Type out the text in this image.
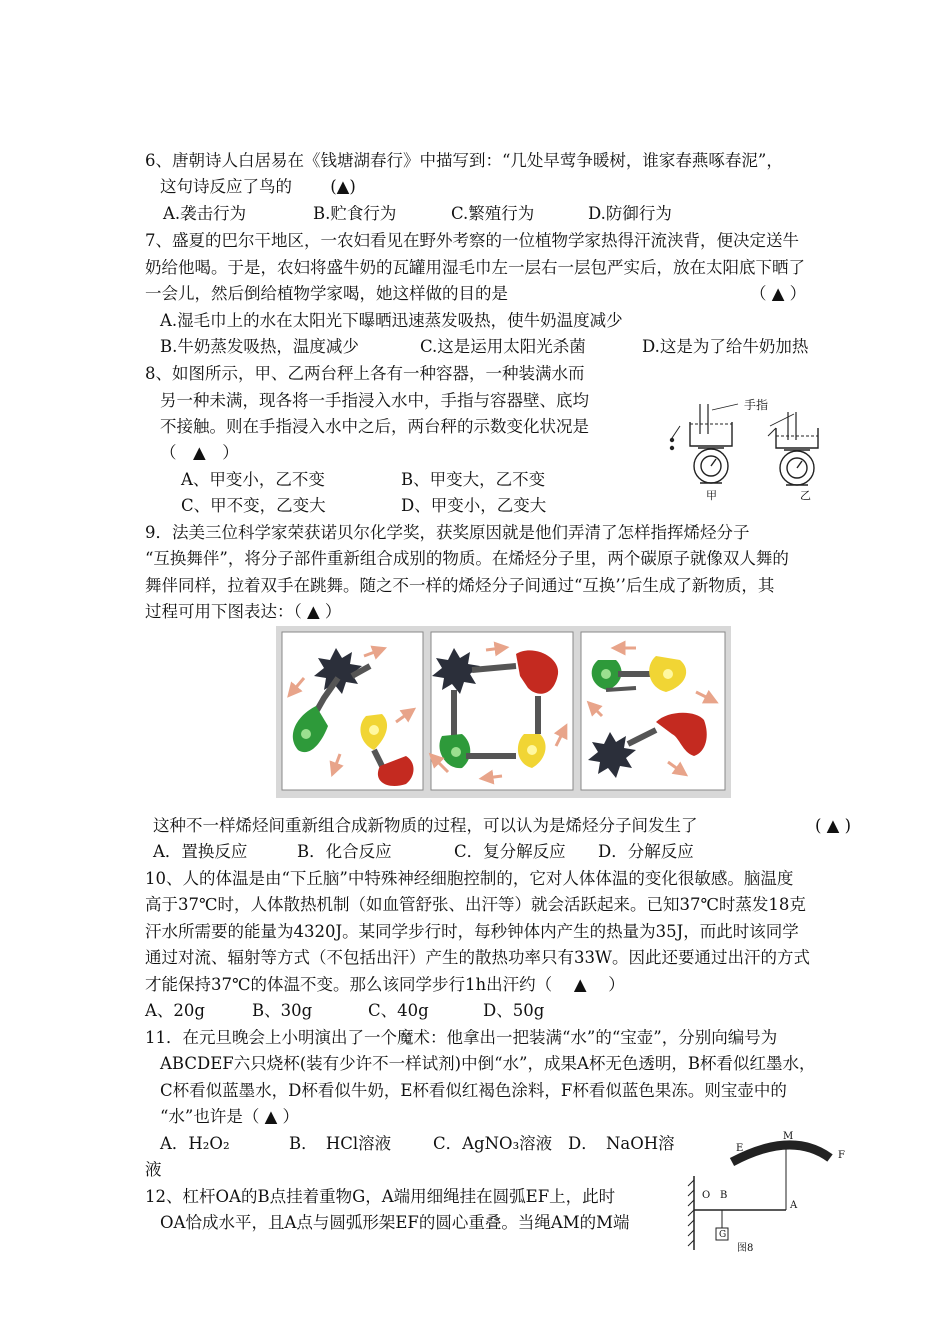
6、唐朝诗人白居易在《钱塘湖春行》中描写到：“几处早莺争暖树，谁家春燕啄春泥”，
这句诗反应了鸟的　　 (▲)
A.袭击行为	B.贮食行为	C.繁殖行为	D.防御行为
7、盛夏的巴尔干地区，一农妇看见在野外考察的一位植物学家热得汗流浃背，便决定送牛
奶给他喝。于是，农妇将盛牛奶的瓦罐用湿毛巾左一层右一层包严实后，放在太阳底下晒了
一会儿，然后倒给植物学家喝，她这样做的目的是	（ ▲ ）
A.湿毛巾上的水在太阳光下曝晒迅速蒸发吸热，使牛奶温度减少
B.牛奶蒸发吸热，温度减少	C.这是运用太阳光杀菌	D.这是为了给牛奶加热
8、如图所示，甲、乙两台秤上各有一种容器，一种装满水而
另一种未满，现各将一手指浸入水中，手指与容器壁、底均
不接触。则在手指浸入水中之后，两台秤的示数变化状况是
（　▲　）
A、甲变小，乙不变	B、甲变大，乙不变
C、甲不变，乙变大	D、甲变小，乙变大
手指
甲	乙
9．法美三位科学家荣获诺贝尔化学奖，获奖原因就是他们弄清了怎样指挥烯烃分子
“互换舞伴”，将分子部件重新组合成别的物质。在烯烃分子里，两个碳原子就像双人舞的
舞伴同样，拉着双手在跳舞。随之不一样的烯烃分子间通过“互换’’后生成了新物质，其
过程可用下图表达：（ ▲ ）
这种不一样烯烃间重新组合成新物质的过程，可以认为是烯烃分子间发生了	( ▲ )
A．置换反应	B．化合反应	C．复分解反应 D．分解反应
10、人的体温是由“下丘脑”中特殊神经细胞控制的，它对人体体温的变化很敏感。脑温度
高于37℃时，人体散热机制（如血管舒张、出汗等）就会活跃起来。已知37℃时蒸发18克
汗水所需要的能量为4320J。某同学步行时，每秒钟体内产生的热量为35J，而此时该同学
通过对流、辐射等方式（不包括出汗）产生的散热功率只有33W。因此还要通过出汗的方式
才能保持37℃的体温不变。那么该同学步行1h出汗约（　 ▲　 ）
A、20g	B、30g	C、40g	D、50g
11．在元旦晚会上小明演出了一个魔术：他拿出一把装满“水”的“宝壶”，分别向编号为
ABCDEF六只烧杯(装有少许不一样试剂)中倒“水”，成果A杯无色透明，B杯看似红墨水，
C杯看似蓝墨水，D杯看似牛奶，E杯看似红褐色涂料，F杯看似蓝色果冻。则宝壶中的
“水”也许是（ ▲ ）
A．H₂O₂	B．　HCl溶液	C．AgNO₃溶液 D．　NaOH溶
液
12、杠杆OA的B点挂着重物G，A端用细绳挂在圆弧EF上，此时
OA恰成水平，且A点与圆弧形架EF的圆心重叠。当绳AM的M端
E
M
F
O B
A
G
图8
